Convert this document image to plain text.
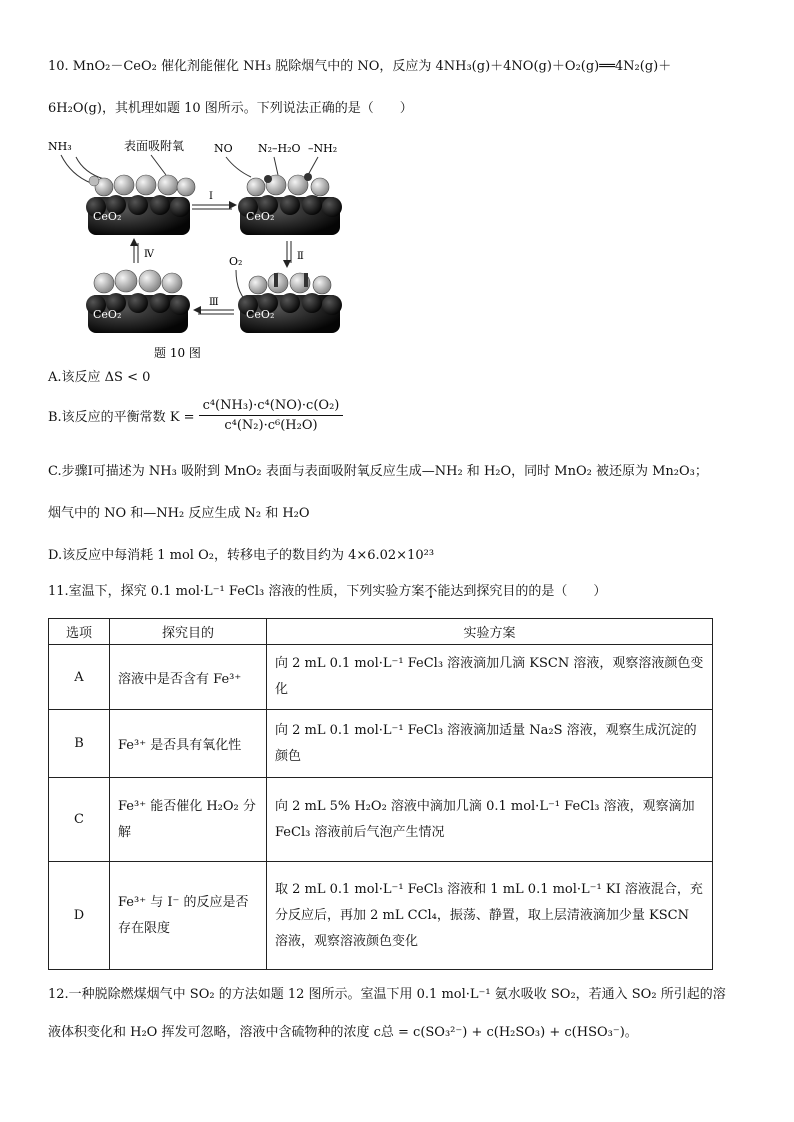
10. MnO₂－CeO₂ 催化剂能催化 NH₃ 脱除烟气中的 NO，反应为 4NH₃(g)＋4NO(g)＋O₂(g)══4N₂(g)＋
6H₂O(g)，其机理如题 10 图所示。下列说法正确的是（　　）
NH₃	表面吸附氧	NO N₂–H₂O –NH₂
O₂
CeO₂	CeO₂
CeO₂
CeO₂
Ⅰ
Ⅱ
Ⅲ
Ⅳ
题 10 图
A.该反应 ΔS < 0
B.该反应的平衡常数 $K = \frac{\text{c⁴(NH₃)·c⁴(NO)·c(O₂)}}{\text{c⁴(N₂)·c⁶(H₂O)}}$
C.步骤Ⅰ可描述为 NH₃ 吸附到 MnO₂ 表面与表面吸附氧反应生成—NH₂ 和 H₂O，同时 MnO₂ 被还原为 Mn₂O₃；
烟气中的 NO 和—NH₂ 反应生成 N₂ 和 H₂O
D.该反应中每消耗 1 mol O₂，转移电子的数目约为 4×6.02×10²³
11.室温下，探究 0.1 mol·L⁻¹ FeCl₃ 溶液的性质，下列实验方案不能达到探究目的的是（　　）
选项	探究目的	实验方案
A	溶液中是否含有 Fe³⁺	向 2 mL 0.1 mol·L⁻¹ FeCl₃ 溶液滴加几滴 KSCN 溶液，观察溶液颜色变化
B	Fe³⁺ 是否具有氧化性	向 2 mL 0.1 mol·L⁻¹ FeCl₃ 溶液滴加适量 Na₂S 溶液，观察生成沉淀的颜色
C	Fe³⁺ 能否催化 H₂O₂ 分解	向 2 mL 5% H₂O₂ 溶液中滴加几滴 0.1 mol·L⁻¹ FeCl₃ 溶液，观察滴加 FeCl₃ 溶液前后气泡产生情况
D	Fe³⁺ 与 I⁻ 的反应是否存在限度	取 2 mL 0.1 mol·L⁻¹ FeCl₃ 溶液和 1 mL 0.1 mol·L⁻¹ KI 溶液混合，充分反应后，再加 2 mL CCl₄，振荡、静置，取上层清液滴加少量 KSCN 溶液，观察溶液颜色变化
12.一种脱除燃煤烟气中 SO₂ 的方法如题 12 图所示。室温下用 0.1 mol·L⁻¹ 氨水吸收 SO₂，若通入 SO₂ 所引起的溶
液体积变化和 H₂O 挥发可忽略，溶液中含硫物种的浓度 c总 = c(SO₃²⁻) + c(H₂SO₃) + c(HSO₃⁻)。
